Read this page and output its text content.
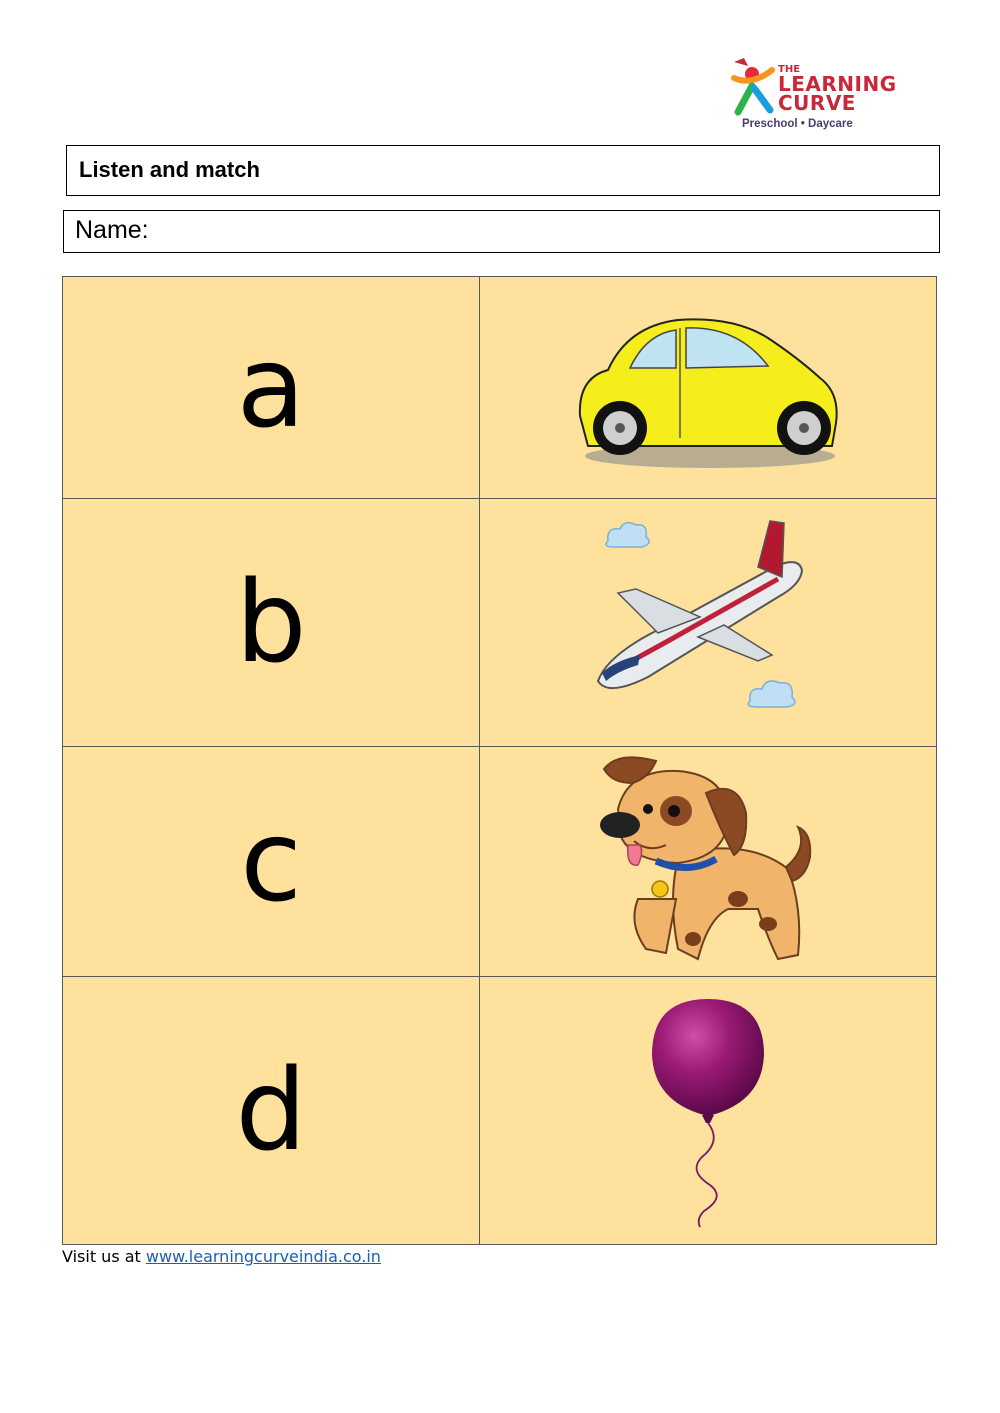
THE
LEARNING
CURVE
Preschool • Daycare
Listen and match
Name:
a	

b	

c	

d	
Visit us at www.learningcurveindia.co.in
